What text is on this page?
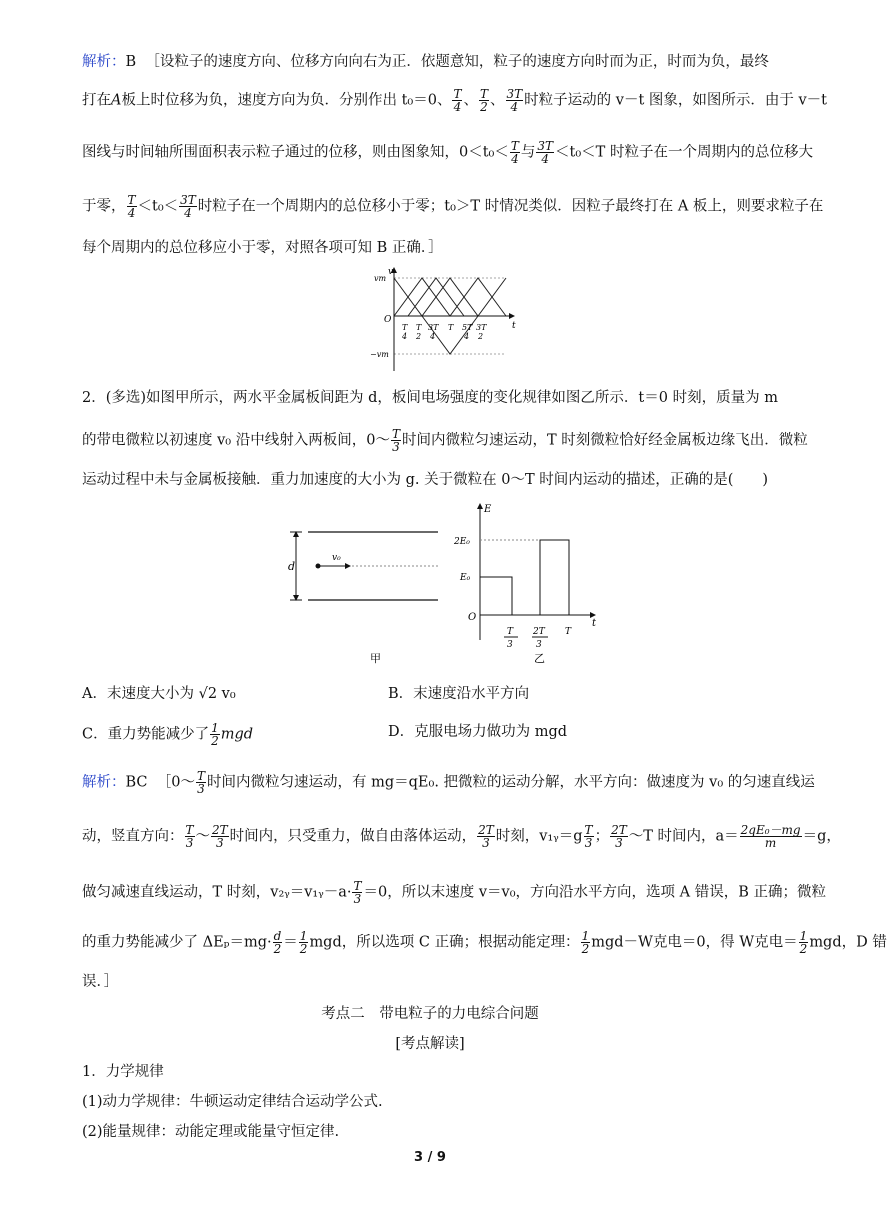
解析：B ［设粒子的速度方向、位移方向向右为正．依题意知，粒子的速度方向时而为正，时而为负，最终
打在A板上时位移为负，速度方向为负．分别作出 t₀＝0、 $\frac{T}{4}$ 、 $\frac{T}{2}$ 、 $\frac{3T}{4}$ 时粒子运动的 v－t 图象，如图所示．由于 v－t
图线与时间轴所围面积表示粒子通过的位移，则由图象知，$0<t_0< \frac{T}{4}$ 与 $\frac{3T}{4} <t_0<T$ 时粒子在一个周期内的总位移大
于零， $\frac{T}{4} <t_0< \frac{3T}{4}$ 时粒子在一个周期内的总位移小于零；t₀＞T 时情况类似．因粒子最终打在 A 板上，则要求粒子在
每个周期内的总位移应小于零，对照各项可知 B 正确．］
v
vm
−vm
O
t
T
4
T
2
3T
4
T 5T
4
3T
2
2．(多选)如图甲所示，两水平金属板间距为 d，板间电场强度的变化规律如图乙所示．t＝0 时刻，质量为 m
的带电微粒以初速度 v₀ 沿中线射入两板间，0～ $\frac{T}{3}$ 时间内微粒匀速运动，T 时刻微粒恰好经金属板边缘飞出．微粒
运动过程中未与金属板接触．重力加速度的大小为 g. 关于微粒在 0～T 时间内运动的描述，正确的是(　　)
d
v₀
甲
E
t
O
2E₀
E₀
T
3
2T
3
T
乙
A．末速度大小为 √2 v₀	B．末速度沿水平方向
C．重力势能减少了 $\frac{1}{2}$ mgd	D．克服电场力做功为 mgd
解析：BC ［0～ $\frac{T}{3}$ 时间内微粒匀速运动，有 mg＝qE₀. 把微粒的运动分解，水平方向：做速度为 v₀ 的匀速直线运
动，竖直方向： $\frac{T}{3}$ ～ $\frac{2T}{3}$ 时间内，只受重力，做自由落体运动， $\frac{2T}{3}$ 时刻，v₁ᵧ＝g $\frac{T}{3}$ ； $\frac{2T}{3}$ ～T 时间内，$a= \frac{\text{2qE₀－mg}}{m} =g$，
做匀减速直线运动，T 时刻，v₂ᵧ＝v₁ᵧ－a· $\frac{T}{3} =0$，所以末速度 v＝v₀，方向沿水平方向，选项 A 错误，B 正确；微粒
的重力势能减少了 $\Delta E_p=mg\cdot \frac{d}{2} = \frac{1}{2}$ mgd，所以选项 C 正确；根据动能定理： $\frac{1}{2} mgd-W$克电＝0，得 W克电＝ $\frac{1}{2}$ mgd，D 错
误．］
考点二　带电粒子的力电综合问题
[考点解读]
1．力学规律
(1)动力学规律：牛顿运动定律结合运动学公式.
(2)能量规律：动能定理或能量守恒定律.
3 / 9
